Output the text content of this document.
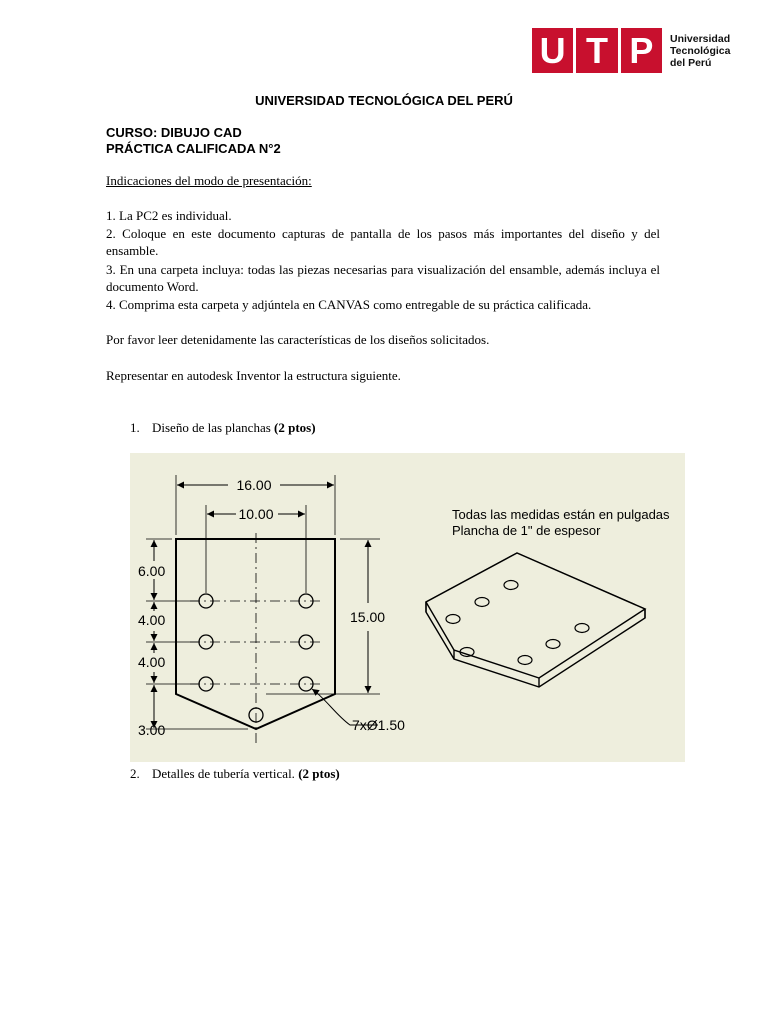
U T P	Universidad
Tecnológica
del Perú
UNIVERSIDAD TECNOLÓGICA DEL PERÚ
CURSO: DIBUJO CAD
PRÁCTICA CALIFICADA N°2
Indicaciones del modo de presentación:
1. La PC2 es individual.
2. Coloque en este documento capturas de pantalla de los pasos más importantes del diseño y del ensamble.
3. En una carpeta incluya: todas las piezas necesarias para visualización del ensamble, además incluya el documento Word.
4. Comprima esta carpeta y adjúntela en CANVAS como entregable de su práctica calificada.
Por favor leer detenidamente las características de los diseños solicitados.
Representar en autodesk Inventor la estructura siguiente.
1. Diseño de las planchas (2 ptos)
16.00
10.00
15.00
6.00
4.00
4.00
3.00	7xØ1.50
Todas las medidas están en pulgadas
Plancha de 1" de espesor
2. Detalles de tubería vertical. (2 ptos)
